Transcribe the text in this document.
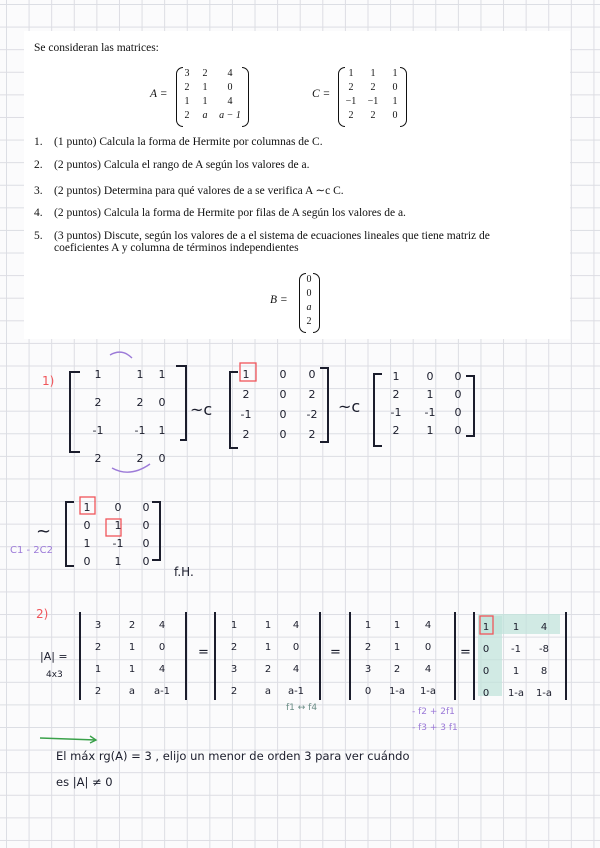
Se consideran las matrices:
A =
3	2	4
2	1	0
1	1	4
2	a	a − 1
C =
1	1	1
2	2	0
−1	−1	1
2	2	0
1. (1 punto) Calcula la forma de Hermite por columnas de C.
2. (2 puntos) Calcula el rango de A según los valores de a.
3. (2 puntos) Determina para qué valores de a se verifica A ∼c C.
4. (2 puntos) Calcula la forma de Hermite por filas de A según los valores de a.
5. (3 puntos) Discute, según los valores de a el sistema de ecuaciones lineales que tiene matriz de
coeficientes A y columna de términos independientes
B =
0
0
a
2
1)	1	1 1
2	2 0
-1	-1 1
2	2 0
~c
1	0 0
2	0 2
-1	0 -2
2	0 2
~c
1 0 0
2 1 0
-1 -1 0
2 1 0
~
C1 - 2C2
1 0 0
0 1 0
1 -1 0
0 1 0
f.H.
2)
|A| =
4x3
3	2 4
2	1 0
1	1 4
2	a a-1
=
1	1 4
2	1 0
3	2 4
2	a a-1
f1 ↔ f4
=
1 1 4
2 1 0
3 2 4
0 1-a 1-a
- f2 + 2f1
- f3 + 3 f1
=
1 1 4
0 -1 -8
0 1 8
0 1-a 1-a
El máx rg(A) = 3 , elijo un menor de orden 3 para ver cuándo
es |A| ≠ 0
